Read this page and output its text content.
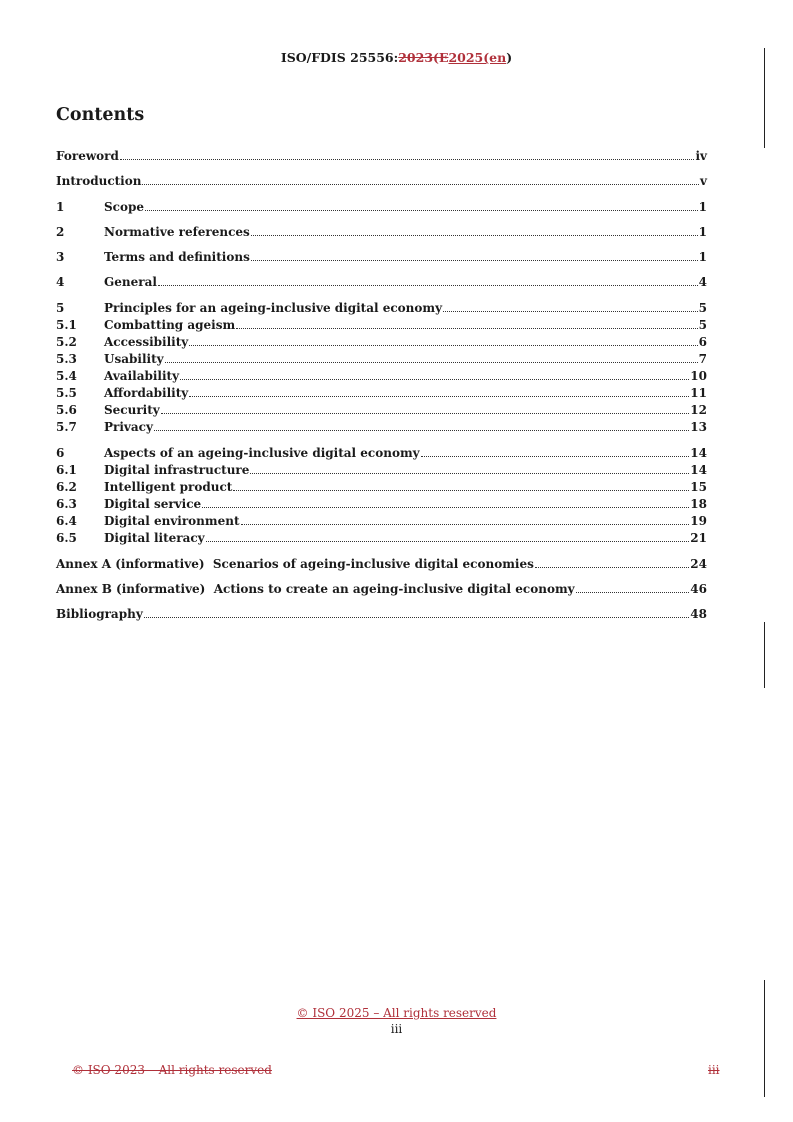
ISO/FDIS 25556:2023(E2025(en)
Contents
Foreword	iv
Introduction	v
1	Scope	1
2	Normative references	1
3	Terms and definitions	1
4	General	4
5	Principles for an ageing-inclusive digital economy	5
5.1	Combatting ageism	5
5.2	Accessibility	6
5.3	Usability	7
5.4	Availability	10
5.5	Affordability	11
5.6	Security	12
5.7	Privacy	13
6	Aspects of an ageing-inclusive digital economy	14
6.1	Digital infrastructure	14
6.2	Intelligent product	15
6.3	Digital service	18
6.4	Digital environment	19
6.5	Digital literacy	21
Annex A (informative)  Scenarios of ageing-inclusive digital economies	24
Annex B (informative)  Actions to create an ageing-inclusive digital economy	46
Bibliography	48
© ISO 2025 – All rights reserved
iii
© ISO 2023 – All rights reserved	iii
